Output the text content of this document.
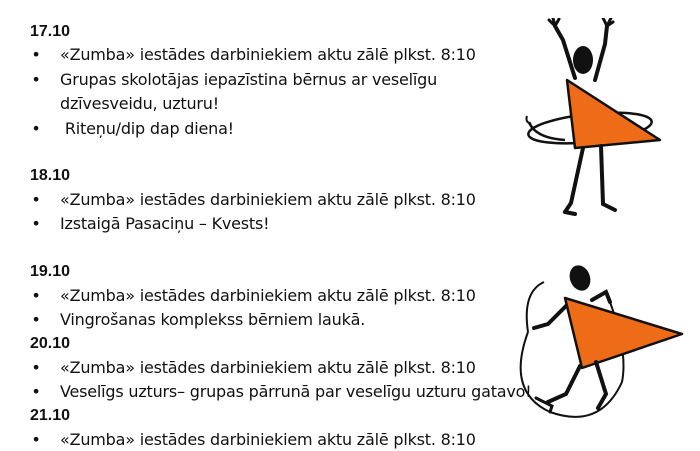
17.10
• «Zumba» iestādes darbiniekiem aktu zālē plkst. 8:10
• Grupas skolotājas iepazīstina bērnus ar veselīgu
dzīvesveidu, uzturu!
• Riteņu/dip dap diena!
18.10
• «Zumba» iestādes darbiniekiem aktu zālē plkst. 8:10
• Izstaigā Pasaciņu – Kvests!
19.10
• «Zumba» iestādes darbiniekiem aktu zālē plkst. 8:10
• Vingrošanas komplekss bērniem laukā.
20.10
• «Zumba» iestādes darbiniekiem aktu zālē plkst. 8:10
• Veselīgs uzturs– grupas pārrunā par veselīgu uzturu gatavo!
21.10
• «Zumba» iestādes darbiniekiem aktu zālē plkst. 8:10
